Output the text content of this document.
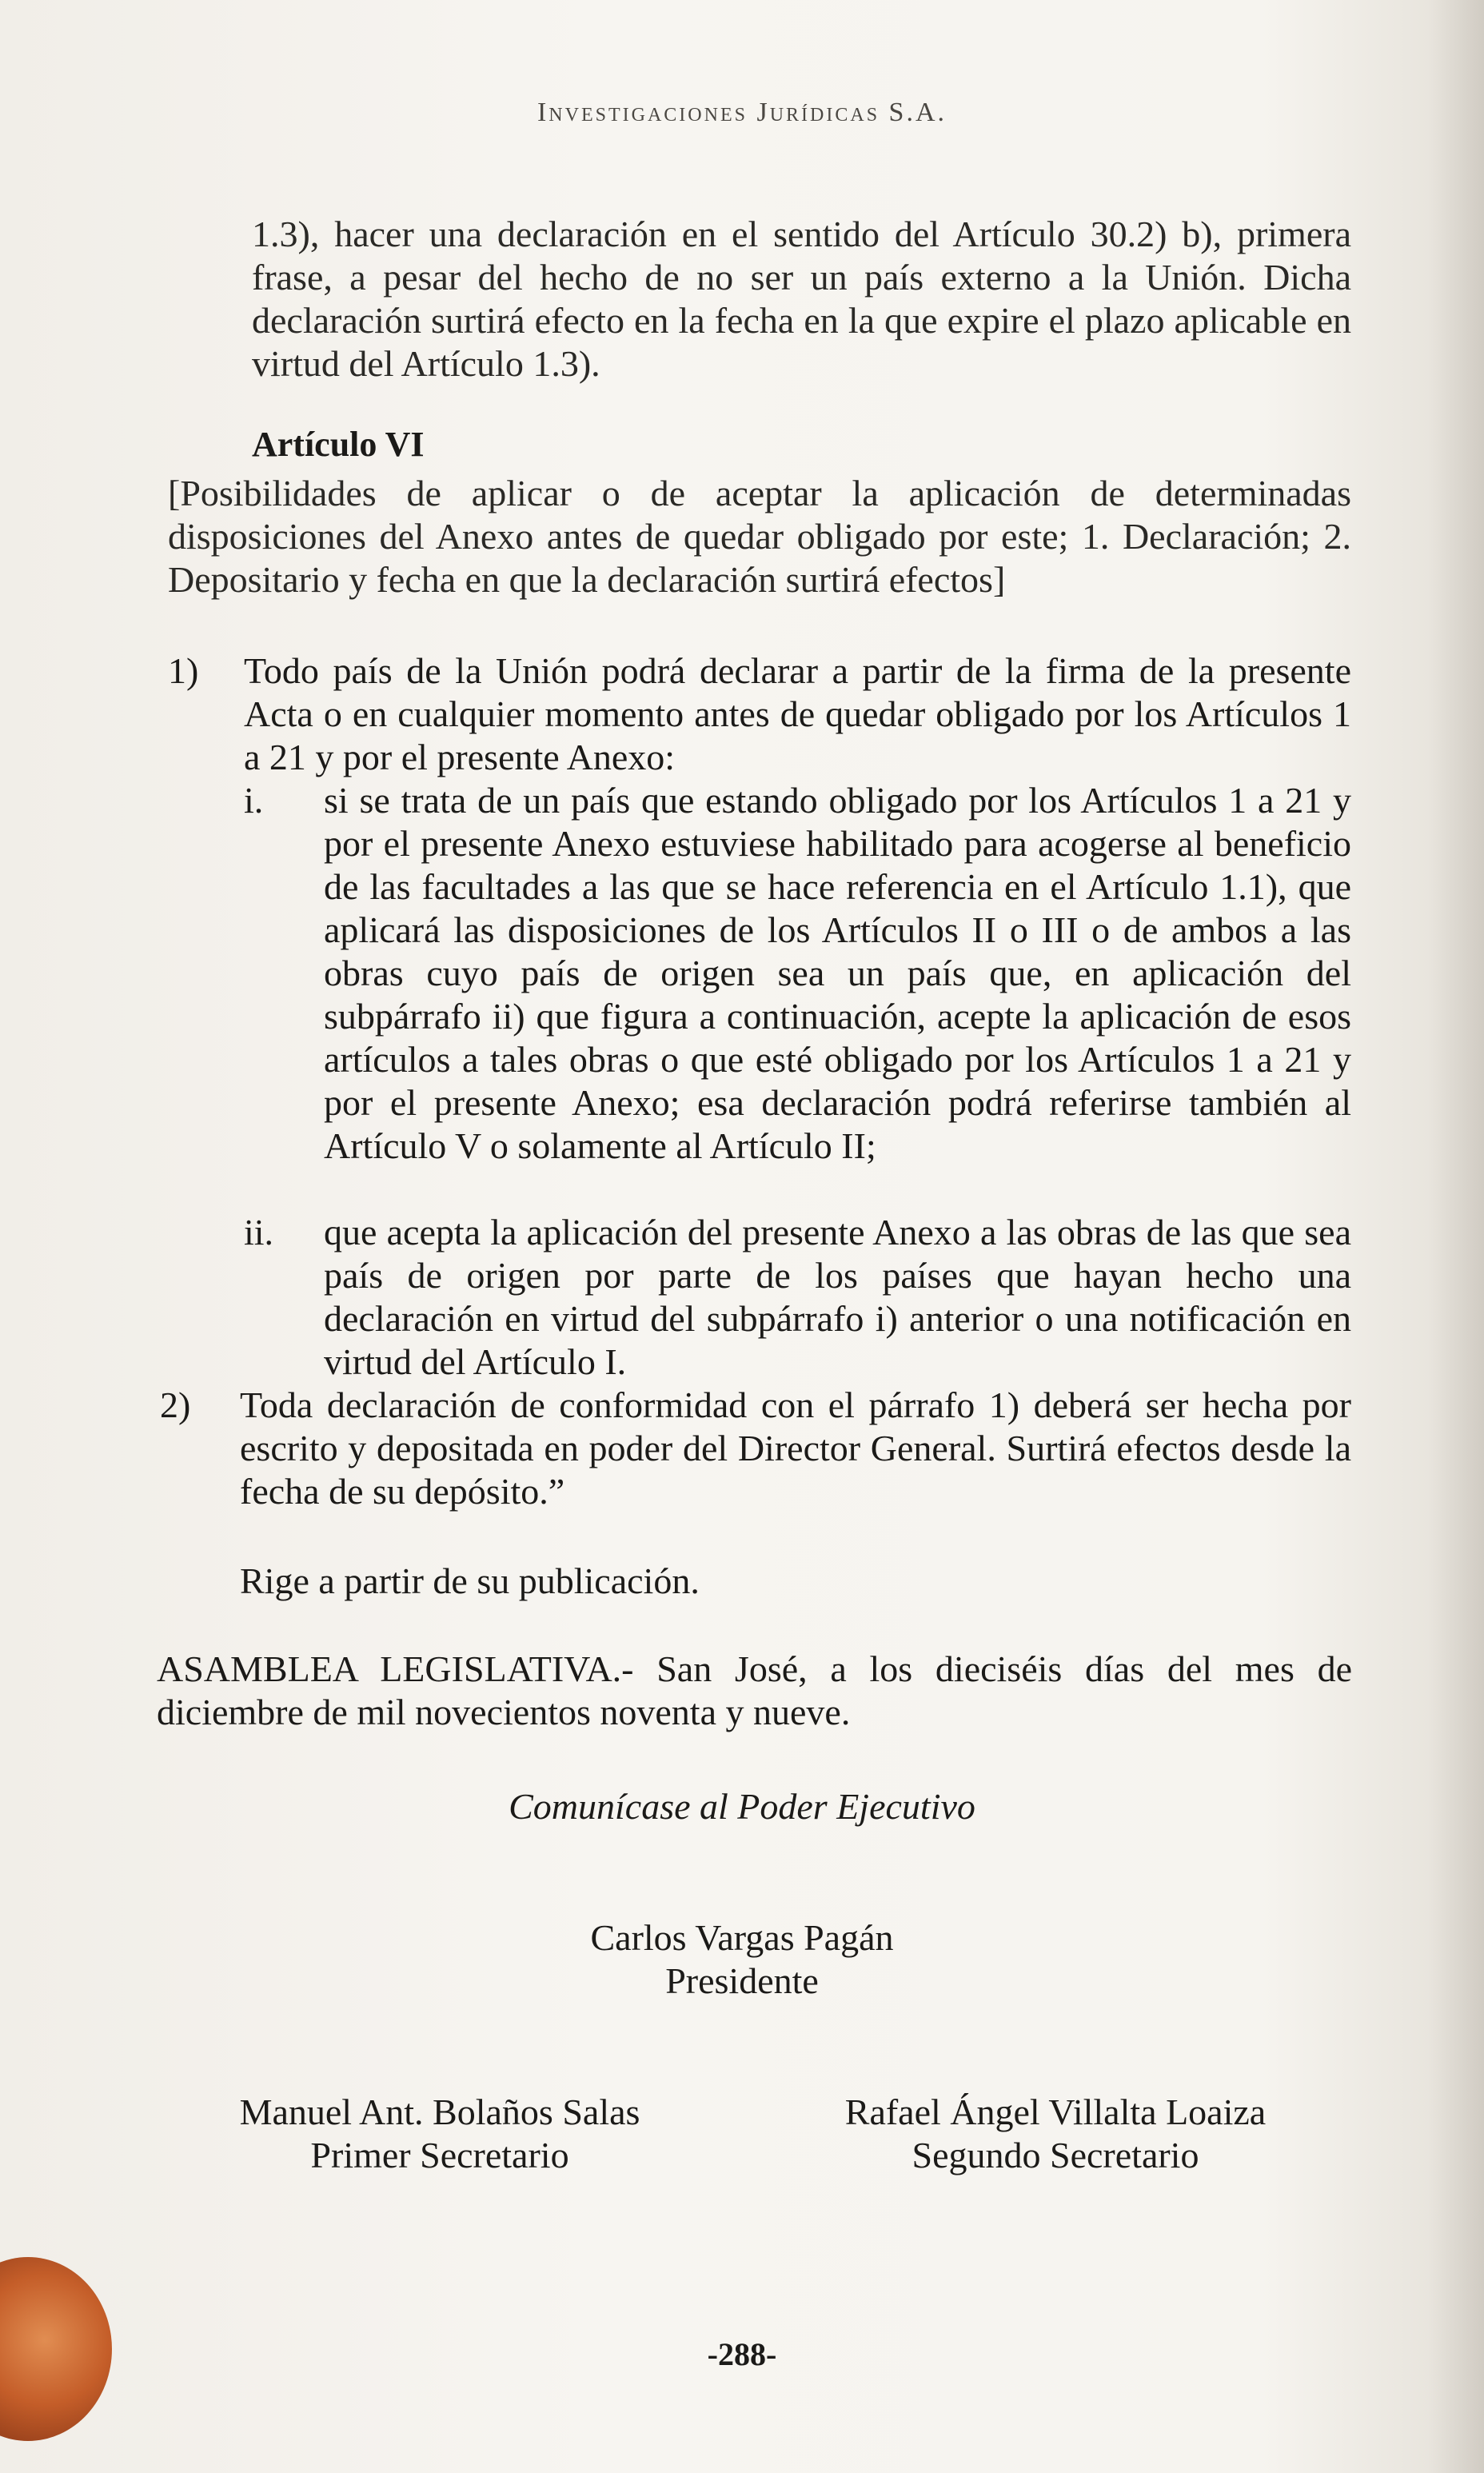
Investigaciones Jurídicas S.A.
1.3), hacer una declaración en el sentido del Artículo 30.2) b), primera frase, a pesar del hecho de no ser un país externo a la Unión. Dicha declaración surtirá efecto en la fecha en la que expire el plazo aplicable en virtud del Artículo 1.3).
Artículo VI
[Posibilidades de aplicar o de aceptar la aplicación de determinadas disposiciones del Anexo antes de quedar obligado por este; 1. Declaración; 2. Depositario y fecha en que la declaración surtirá efectos]
1) Todo país de la Unión podrá declarar a partir de la firma de la presente Acta o en cualquier momento antes de quedar obligado por los Artículos 1 a 21 y por el presente Anexo:
i. si se trata de un país que estando obligado por los Artículos 1 a 21 y por el presente Anexo estuviese habilitado para acogerse al beneficio de las facultades a las que se hace referencia en el Artículo 1.1), que aplicará las disposiciones de los Artículos II o III o de ambos a las obras cuyo país de origen sea un país que, en aplicación del subpárrafo ii) que figura a continuación, acepte la aplicación de esos artículos a tales obras o que esté obligado por los Artículos 1 a 21 y por el presente Anexo; esa declaración podrá referirse también al Artículo V o solamente al Artículo II;
ii. que acepta la aplicación del presente Anexo a las obras de las que sea país de origen por parte de los países que hayan hecho una declaración en virtud del subpárrafo i) anterior o una notificación en virtud del Artículo I.
2) Toda declaración de conformidad con el párrafo 1) deberá ser hecha por escrito y depositada en poder del Director General. Surtirá efectos desde la fecha de su depósito.”
Rige a partir de su publicación.
ASAMBLEA LEGISLATIVA.- San José, a los dieciséis días del mes de diciembre de mil novecientos noventa y nueve.
Comunícase al Poder Ejecutivo
Carlos Vargas Pagán
Presidente
Manuel Ant. Bolaños Salas
Primer Secretario
Rafael Ángel Villalta Loaiza
Segundo Secretario
-288-
